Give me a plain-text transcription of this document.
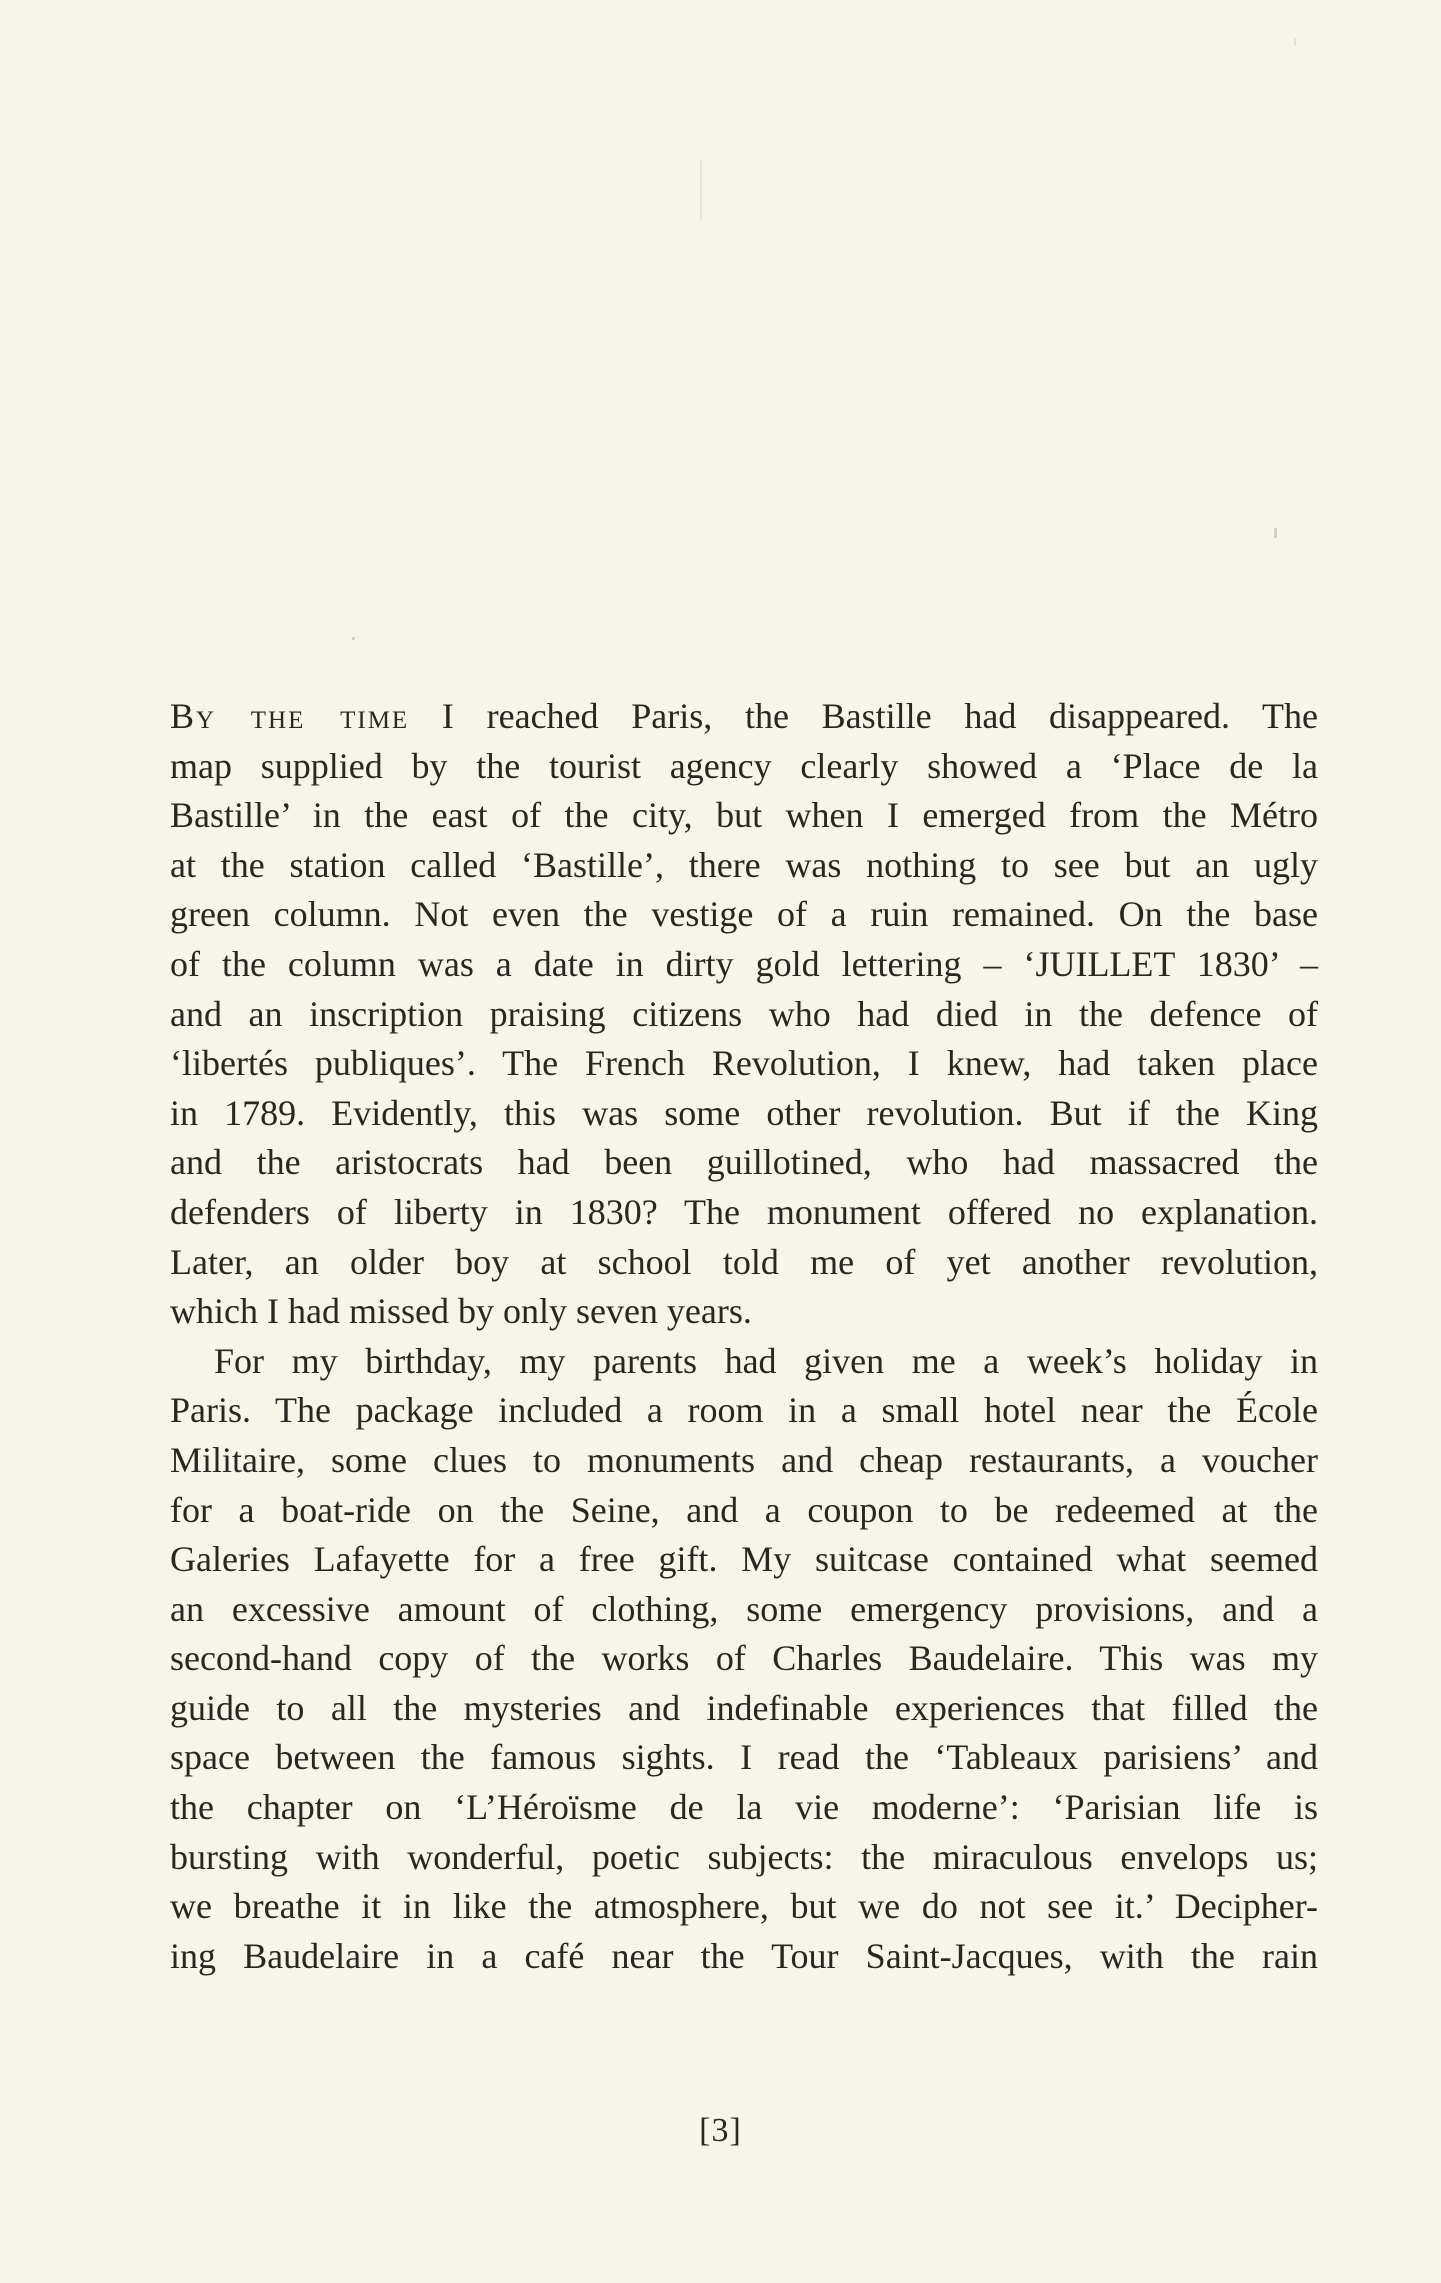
By the time I reached Paris, the Bastille had disappeared. The
map supplied by the tourist agency clearly showed a ‘Place de la
Bastille’ in the east of the city, but when I emerged from the Métro
at the station called ‘Bastille’, there was nothing to see but an ugly
green column. Not even the vestige of a ruin remained. On the base
of the column was a date in dirty gold lettering – ‘JUILLET 1830’ –
and an inscription praising citizens who had died in the defence of
‘libertés publiques’. The French Revolution, I knew, had taken place
in 1789. Evidently, this was some other revolution. But if the King
and the aristocrats had been guillotined, who had massacred the
defenders of liberty in 1830? The monument offered no explanation.
Later, an older boy at school told me of yet another revolution,
which I had missed by only seven years.
For my birthday, my parents had given me a week’s holiday in
Paris. The package included a room in a small hotel near the École
Militaire, some clues to monuments and cheap restaurants, a voucher
for a boat-ride on the Seine, and a coupon to be redeemed at the
Galeries Lafayette for a free gift. My suitcase contained what seemed
an excessive amount of clothing, some emergency provisions, and a
second-hand copy of the works of Charles Baudelaire. This was my
guide to all the mysteries and indefinable experiences that filled the
space between the famous sights. I read the ‘Tableaux parisiens’ and
the chapter on ‘L’Héroïsme de la vie moderne’: ‘Parisian life is
bursting with wonderful, poetic subjects: the miraculous envelops us;
we breathe it in like the atmosphere, but we do not see it.’ Decipher-
ing Baudelaire in a café near the Tour Saint-Jacques, with the rain
[3]
